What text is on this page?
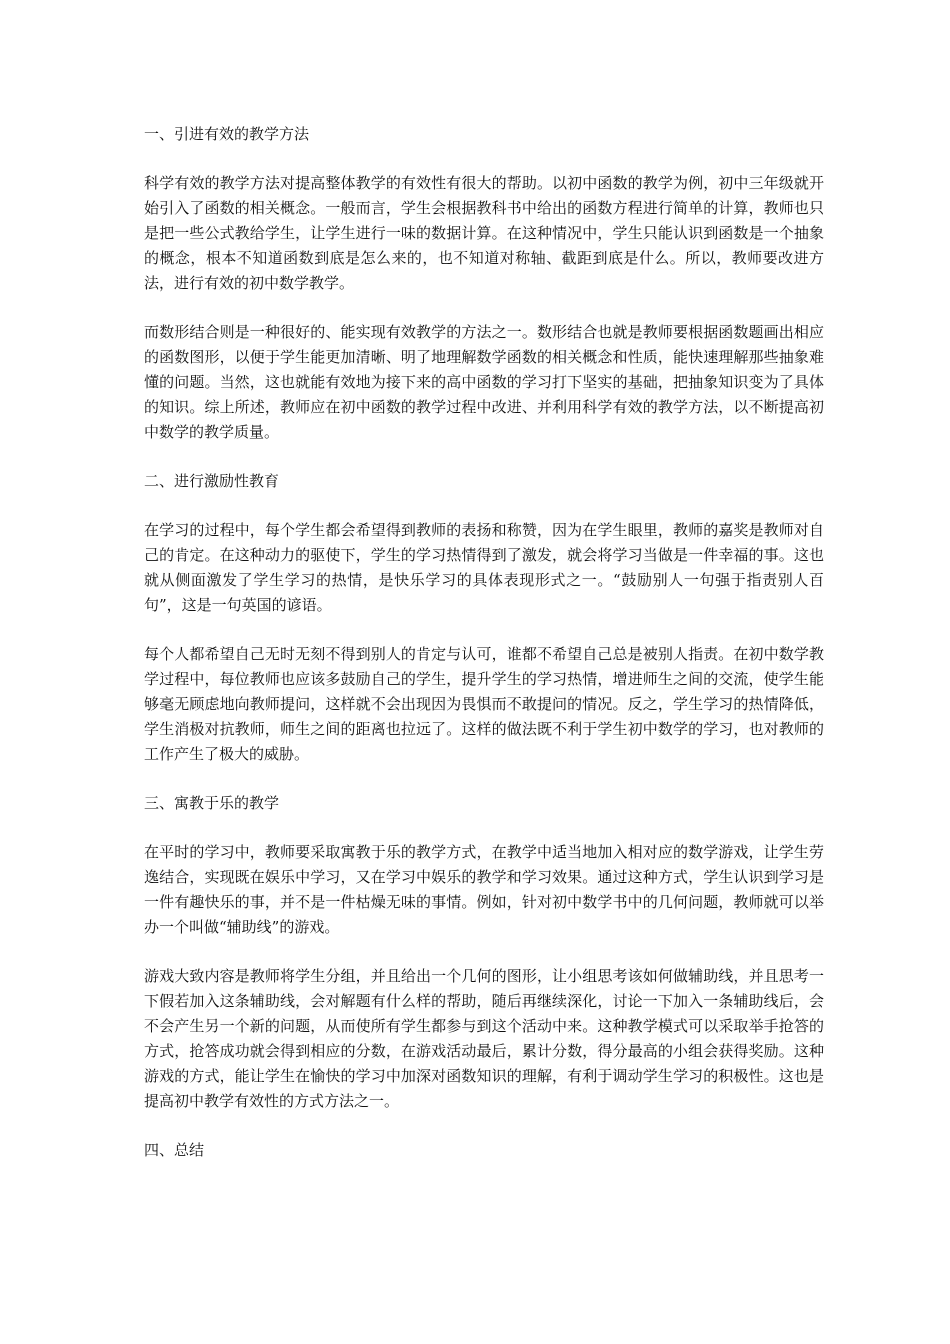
一、引进有效的教学方法

科学有效的教学方法对提高整体教学的有效性有很大的帮助。以初中函数的教学为例，初中三年级就开始引入了函数的相关概念。一般而言，学生会根据教科书中给出的函数方程进行简单的计算，教师也只是把一些公式教给学生，让学生进行一味的数据计算。在这种情况中，学生只能认识到函数是一个抽象的概念，根本不知道函数到底是怎么来的，也不知道对称轴、截距到底是什么。所以，教师要改进方法，进行有效的初中数学教学。

而数形结合则是一种很好的、能实现有效教学的方法之一。数形结合也就是教师要根据函数题画出相应的函数图形，以便于学生能更加清晰、明了地理解数学函数的相关概念和性质，能快速理解那些抽象难懂的问题。当然，这也就能有效地为接下来的高中函数的学习打下坚实的基础，把抽象知识变为了具体的知识。综上所述，教师应在初中函数的教学过程中改进、并利用科学有效的教学方法，以不断提高初中数学的教学质量。

二、进行激励性教育

在学习的过程中，每个学生都会希望得到教师的表扬和称赞，因为在学生眼里，教师的嘉奖是教师对自己的肯定。在这种动力的驱使下，学生的学习热情得到了激发，就会将学习当做是一件幸福的事。这也就从侧面激发了学生学习的热情，是快乐学习的具体表现形式之一。“鼓励别人一句强于指责别人百句”，这是一句英国的谚语。

每个人都希望自己无时无刻不得到别人的肯定与认可，谁都不希望自己总是被别人指责。在初中数学教学过程中，每位教师也应该多鼓励自己的学生，提升学生的学习热情，增进师生之间的交流，使学生能够毫无顾虑地向教师提问，这样就不会出现因为畏惧而不敢提问的情况。反之，学生学习的热情降低，学生消极对抗教师，师生之间的距离也拉远了。这样的做法既不利于学生初中数学的学习，也对教师的工作产生了极大的威胁。

三、寓教于乐的教学

在平时的学习中，教师要采取寓教于乐的教学方式，在教学中适当地加入相对应的数学游戏，让学生劳逸结合，实现既在娱乐中学习，又在学习中娱乐的教学和学习效果。通过这种方式，学生认识到学习是一件有趣快乐的事，并不是一件枯燥无味的事情。例如，针对初中数学书中的几何问题，教师就可以举办一个叫做“辅助线”的游戏。

游戏大致内容是教师将学生分组，并且给出一个几何的图形，让小组思考该如何做辅助线，并且思考一下假若加入这条辅助线，会对解题有什么样的帮助，随后再继续深化，讨论一下加入一条辅助线后，会不会产生另一个新的问题，从而使所有学生都参与到这个活动中来。这种教学模式可以采取举手抢答的方式，抢答成功就会得到相应的分数，在游戏活动最后，累计分数，得分最高的小组会获得奖励。这种游戏的方式，能让学生在愉快的学习中加深对函数知识的理解，有利于调动学生学习的积极性。这也是提高初中教学有效性的方式方法之一。

四、总结
